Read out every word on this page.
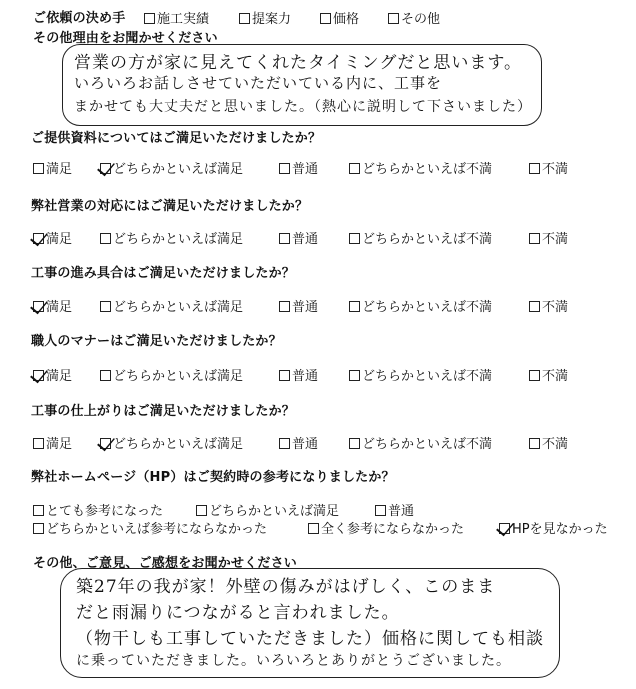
ご依頼の決め手	施工実績	提案力	価格	その他
その他理由をお聞かせください
営業の方が家に見えてくれたタイミングだと思います。
いろいろお話しさせていただいている内に、工事を
まかせても大丈夫だと思いました。（熱心に説明して下さいました）
ご提供資料についてはご満足いただけましたか？
満足	どちらかといえば満足	普通	どちらかといえば不満	不満
弊社営業の対応にはご満足いただけましたか？
満足	どちらかといえば満足	普通	どちらかといえば不満	不満
工事の進み具合はご満足いただけましたか？
満足	どちらかといえば満足	普通	どちらかといえば不満	不満
職人のマナーはご満足いただけましたか？
満足	どちらかといえば満足	普通	どちらかといえば不満	不満
工事の仕上がりはご満足いただけましたか？
満足	どちらかといえば満足	普通	どちらかといえば不満	不満
弊社ホームページ（HP）はご契約時の参考になりましたか？
とても参考になった	どちらかといえば満足	普通
どちらかといえば参考にならなかった	全く参考にならなかった	HPを見なかった
その他、ご意見、ご感想をお聞かせください
築27年の我が家！外壁の傷みがはげしく、このまま
だと雨漏りにつながると言われました。
（物干しも工事していただきました）価格に関しても相談
に乗っていただきました。いろいろとありがとうございました。
